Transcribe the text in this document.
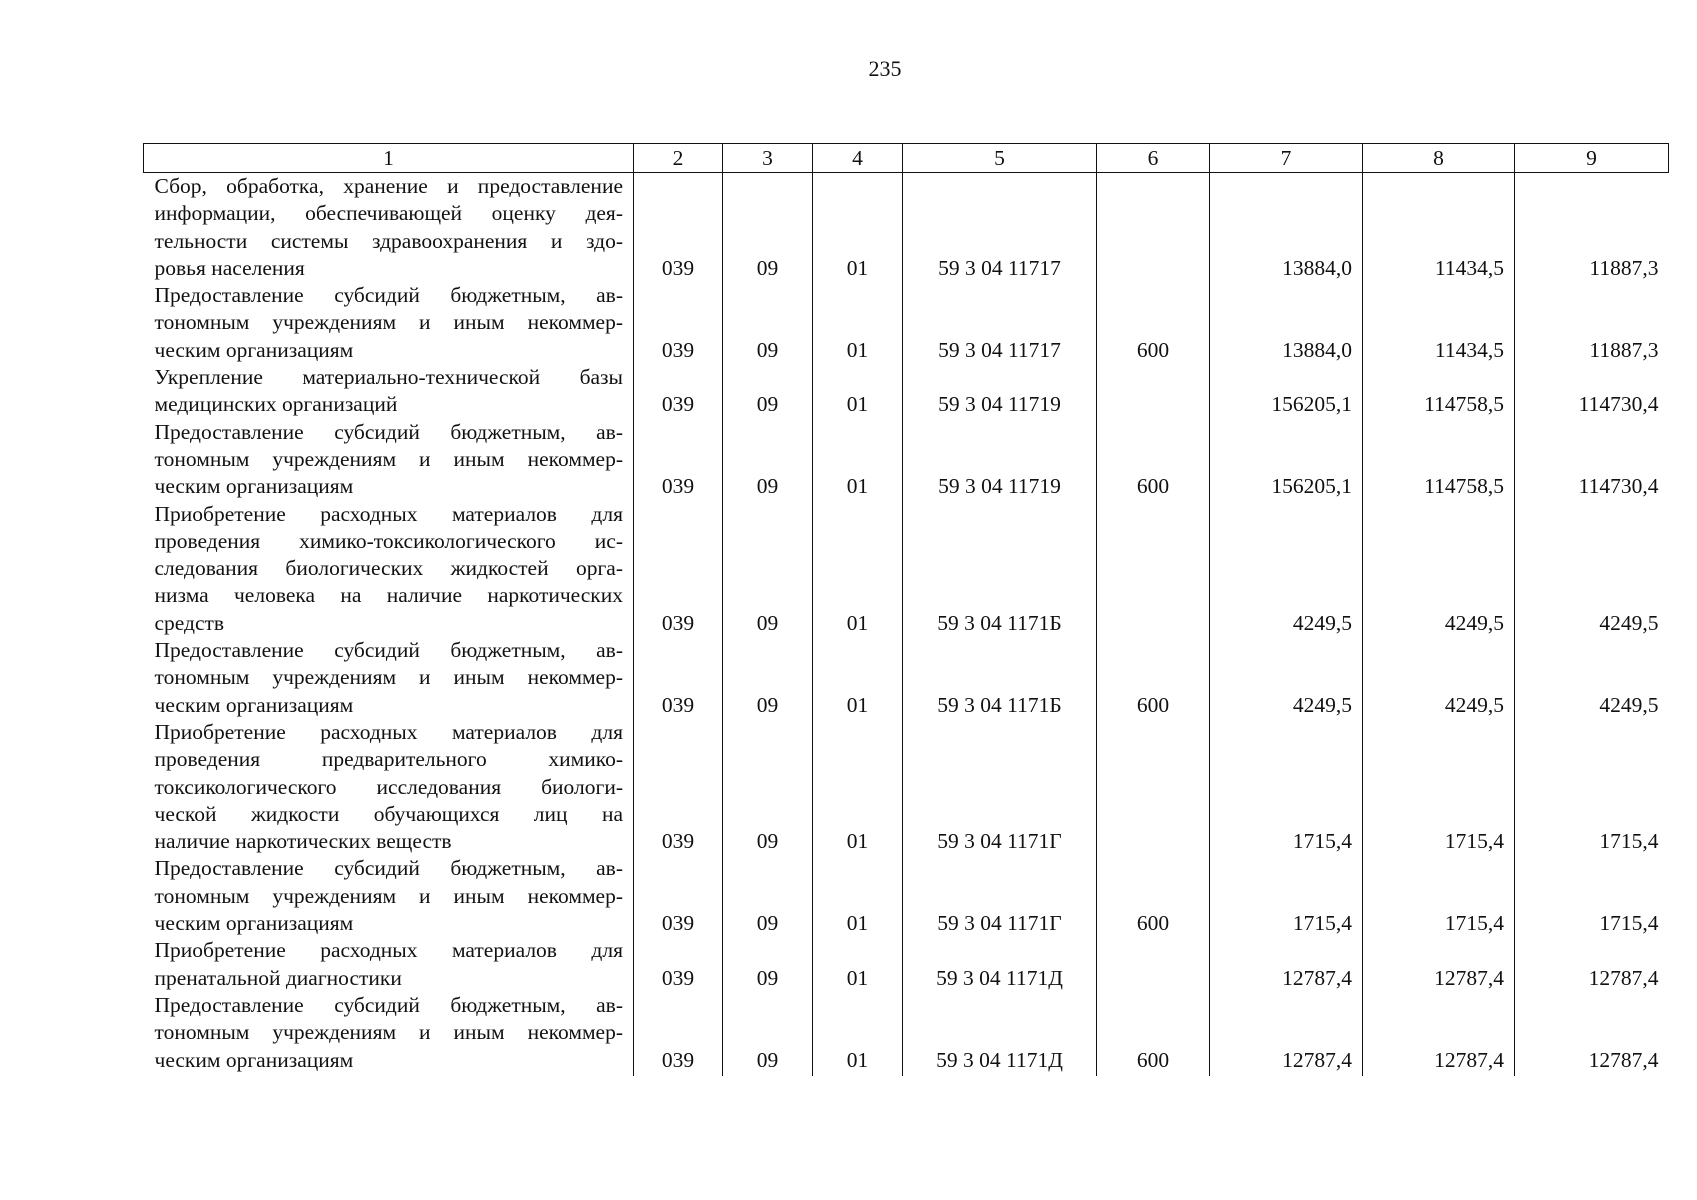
235
1	2	3	4	5	6	7	8	9

Сбор, обработка, хранение и предоставление
информации, обеспечивающей оценку дея-
тельности системы здравоохранения и здо-
ровья населения	039	09	01	59 3 04 11717		13884,0	11434,5	11887,3

Предоставление субсидий бюджетным, ав-
тономным учреждениям и иным некоммер-
ческим организациям	039	09	01	59 3 04 11717	600	13884,0	11434,5	11887,3

Укрепление материально-технической базы
медицинских организаций	039	09	01	59 3 04 11719		156205,1	114758,5	114730,4

Предоставление субсидий бюджетным, ав-
тономным учреждениям и иным некоммер-
ческим организациям	039	09	01	59 3 04 11719	600	156205,1	114758,5	114730,4

Приобретение расходных материалов для
проведения химико-токсикологического ис-
следования биологических жидкостей орга-
низма человека на наличие наркотических
средств	039	09	01	59 3 04 1171Б		4249,5	4249,5	4249,5

Предоставление субсидий бюджетным, ав-
тономным учреждениям и иным некоммер-
ческим организациям	039	09	01	59 3 04 1171Б	600	4249,5	4249,5	4249,5

Приобретение расходных материалов для
проведения предварительного химико-
токсикологического исследования биологи-
ческой жидкости обучающихся лиц на
наличие наркотических веществ	039	09	01	59 3 04 1171Г		1715,4	1715,4	1715,4

Предоставление субсидий бюджетным, ав-
тономным учреждениям и иным некоммер-
ческим организациям	039	09	01	59 3 04 1171Г	600	1715,4	1715,4	1715,4

Приобретение расходных материалов для
пренатальной диагностики	039	09	01	59 3 04 1171Д		12787,4	12787,4	12787,4

Предоставление субсидий бюджетным, ав-
тономным учреждениям и иным некоммер-
ческим организациям	039	09	01	59 3 04 1171Д	600	12787,4	12787,4	12787,4
